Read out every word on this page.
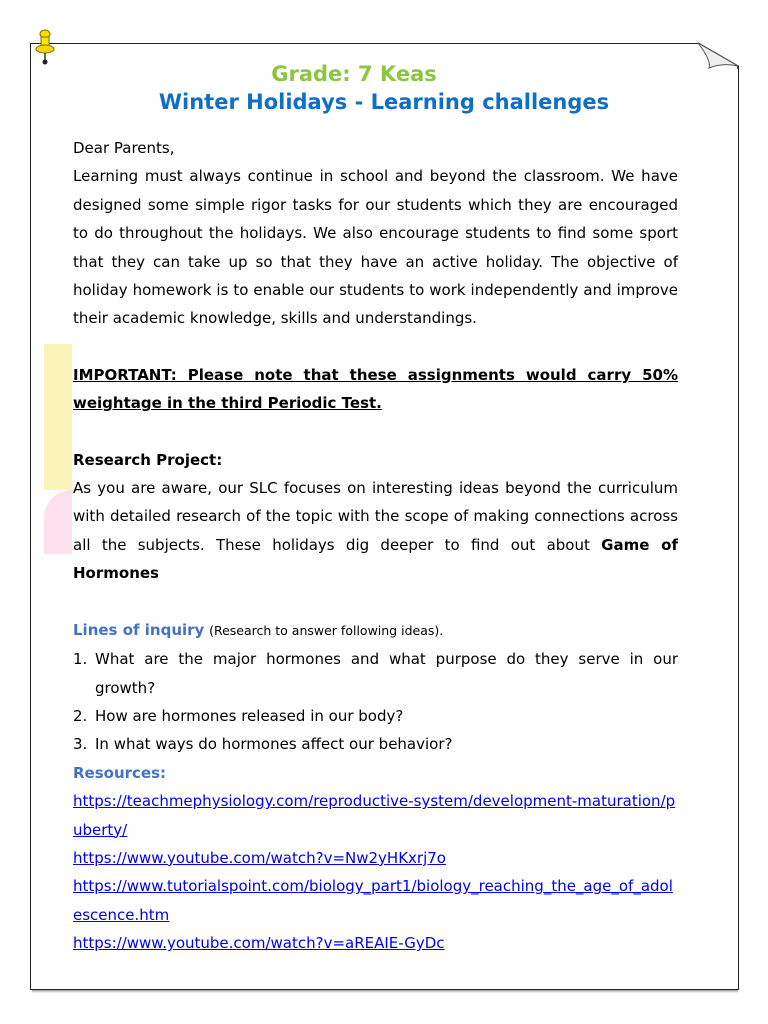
Grade: 7 Keas
Winter Holidays - Learning challenges

Dear Parents,

Learning must always continue in school and beyond the classroom. We have designed some simple rigor tasks for our students which they are encouraged to do throughout the holidays. We also encourage students to find some sport that they can take up so that they have an active holiday. The objective of holiday homework is to enable our students to work independently and improve their academic knowledge, skills and understandings.

IMPORTANT: Please note that these assignments would carry 50% weightage in the third Periodic Test.

Research Project:

As you are aware, our SLC focuses on interesting ideas beyond the curriculum with detailed research of the topic with the scope of making connections across all the subjects. These holidays dig deeper to find out about Game of Hormones

Lines of inquiry (Research to answer following ideas).

1. What are the major hormones and what purpose do they serve in our growth?
2. How are hormones released in our body?
3. In what ways do hormones affect our behavior?

Resources:

https://teachmephysiology.com/reproductive-system/development-maturation/puberty/
https://www.youtube.com/watch?v=Nw2yHKxrj7o
https://www.tutorialspoint.com/biology_part1/biology_reaching_the_age_of_adolescence.htm
https://www.youtube.com/watch?v=aREAIE-GyDc
